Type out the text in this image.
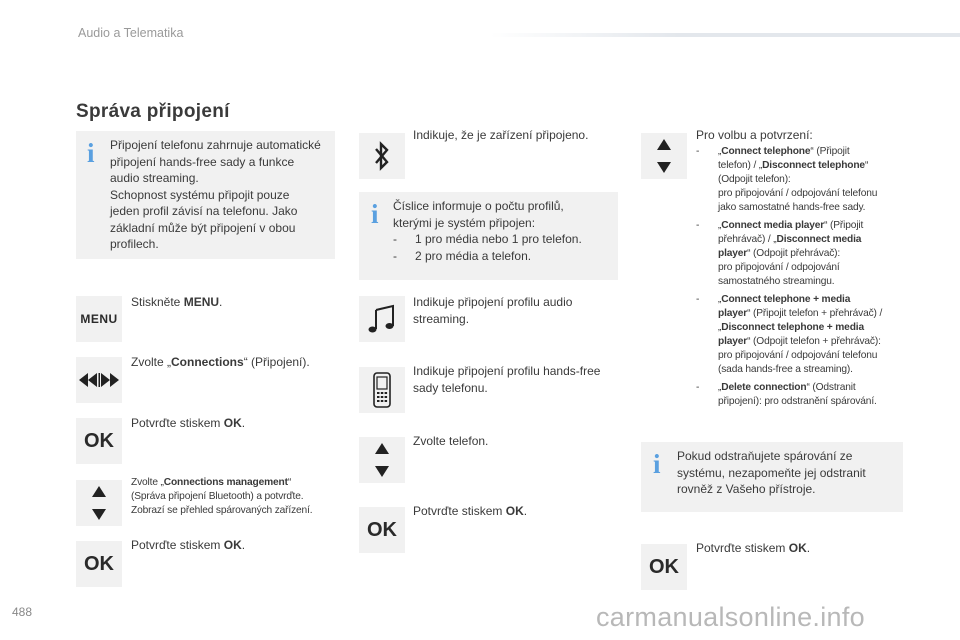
Audio a Telematika
Správa připojení
i Připojení telefonu zahrnuje automatické
připojení hands-free sady a funkce
audio streaming.
Schopnost systému připojit pouze
jeden profil závisí na telefonu. Jako
základní může být připojení v obou
profilech.
MENU
Stiskněte MENU.
Zvolte „Connections“ (Připojení).
OK
Potvrďte stiskem OK.
Zvolte „Connections management“
(Správa připojení Bluetooth) a potvrďte.
Zobrazí se přehled spárovaných zařízení.
OK
Potvrďte stiskem OK.
Indikuje, že je zařízení připojeno.
i Číslice informuje o počtu profilů,
kterými je systém připojen:
-	1 pro média nebo 1 pro telefon.
-	2 pro média a telefon.
Indikuje připojení profilu audio
streaming.
Indikuje připojení profilu hands-free
sady telefonu.
Zvolte telefon.
OK
Potvrďte stiskem OK.
Pro volbu a potvrzení:
-	„Connect telephone“ (Připojit
telefon) / „Disconnect telephone“
(Odpojit telefon):
pro připojování / odpojování telefonu
jako samostatné hands-free sady.
-	„Connect media player“ (Připojit
přehrávač) / „Disconnect media
player“ (Odpojit přehrávač):
pro připojování / odpojování
samostatného streamingu.
-	„Connect telephone + media
player“ (Připojit telefon + přehrávač) /
„Disconnect telephone + media
player“ (Odpojit telefon + přehrávač):
pro připojování / odpojování telefonu
(sada hands-free a streaming).
-	„Delete connection“ (Odstranit
připojení): pro odstranění spárování.
i Pokud odstraňujete spárování ze
systému, nezapomeňte jej odstranit
rovněž z Vašeho přístroje.
OK
Potvrďte stiskem OK.
488	carmanualsonline.info
